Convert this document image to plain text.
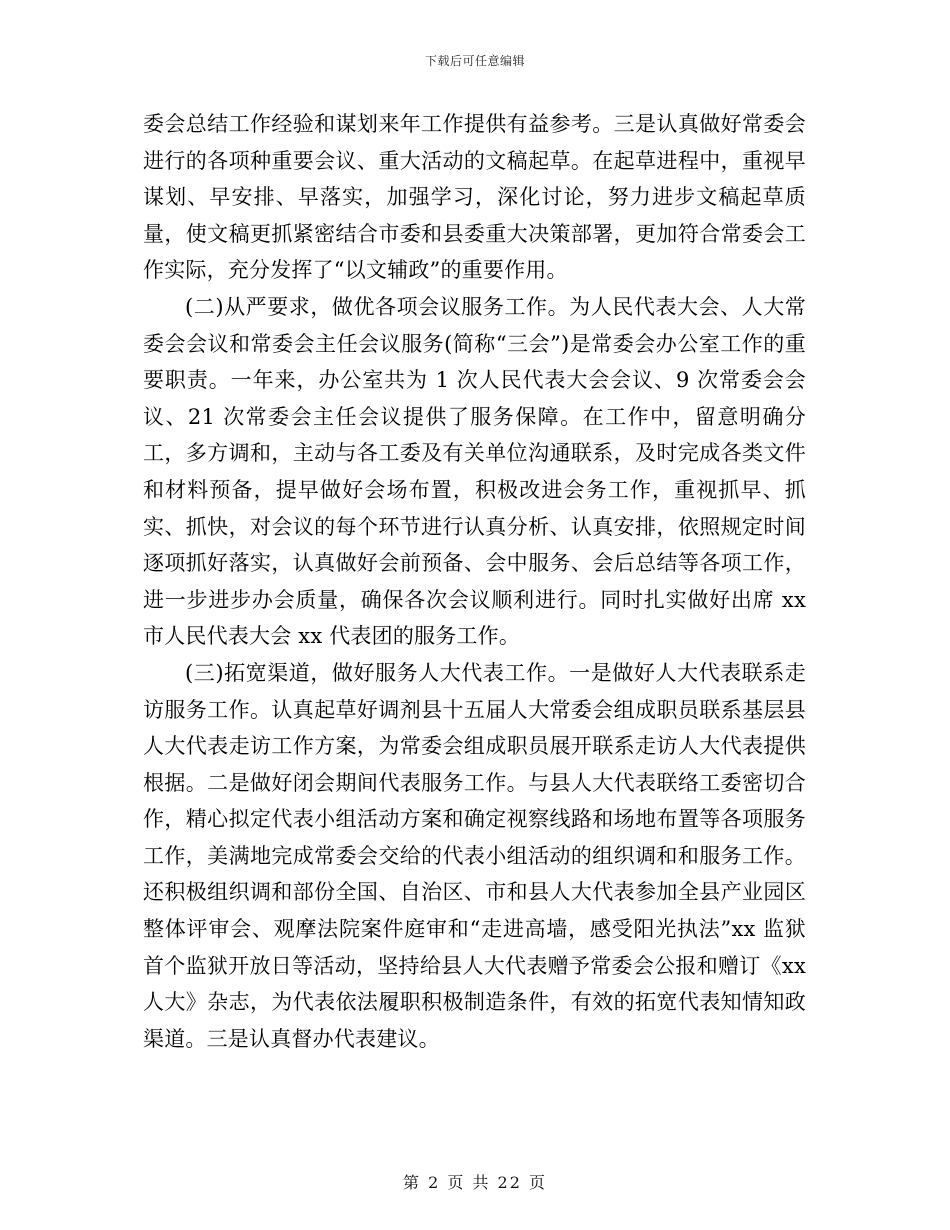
下载后可任意编辑

委会总结工作经验和谋划来年工作提供有益参考。三是认真做好常委会进行的各项种重要会议、重大活动的文稿起草。在起草进程中，重视早谋划、早安排、早落实，加强学习，深化讨论，努力进步文稿起草质量，使文稿更抓紧密结合市委和县委重大决策部署，更加符合常委会工作实际，充分发挥了“以文辅政”的重要作用。

(二)从严要求，做优各项会议服务工作。为人民代表大会、人大常委会会议和常委会主任会议服务(简称“三会”)是常委会办公室工作的重要职责。一年来，办公室共为 1 次人民代表大会会议、9 次常委会会议、21 次常委会主任会议提供了服务保障。在工作中，留意明确分工，多方调和，主动与各工委及有关单位沟通联系，及时完成各类文件和材料预备，提早做好会场布置，积极改进会务工作，重视抓早、抓实、抓快，对会议的每个环节进行认真分析、认真安排，依照规定时间逐项抓好落实，认真做好会前预备、会中服务、会后总结等各项工作，进一步进步办会质量，确保各次会议顺利进行。同时扎实做好出席 xx 市人民代表大会 xx 代表团的服务工作。

(三)拓宽渠道，做好服务人大代表工作。一是做好人大代表联系走访服务工作。认真起草好调剂县十五届人大常委会组成职员联系基层县人大代表走访工作方案，为常委会组成职员展开联系走访人大代表提供根据。二是做好闭会期间代表服务工作。与县人大代表联络工委密切合作，精心拟定代表小组活动方案和确定视察线路和场地布置等各项服务工作，美满地完成常委会交给的代表小组活动的组织调和和服务工作。还积极组织调和部份全国、自治区、市和县人大代表参加全县产业园区整体评审会、观摩法院案件庭审和“走进高墙，感受阳光执法”xx 监狱首个监狱开放日等活动，坚持给县人大代表赠予常委会公报和赠订《xx 人大》杂志，为代表依法履职积极制造条件，有效的拓宽代表知情知政渠道。三是认真督办代表建议。

第 2 页 共 22 页
